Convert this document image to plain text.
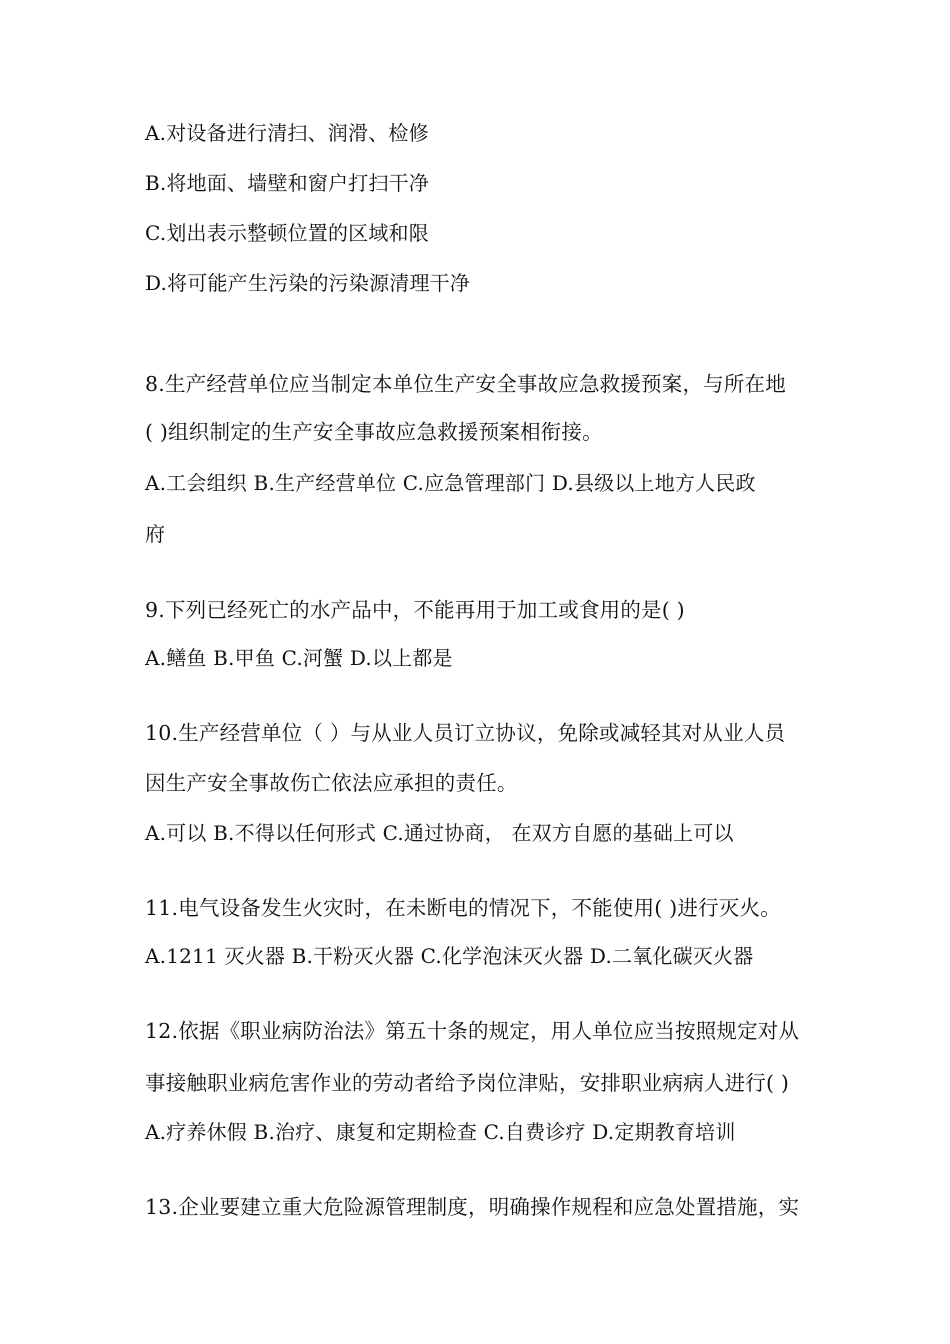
A.对设备进行清扫、润滑、检修
B.将地面、墙壁和窗户打扫干净
C.划出表示整顿位置的区域和限
D.将可能产生污染的污染源清理干净
8.生产经营单位应当制定本单位生产安全事故应急救援预案，与所在地
( )组织制定的生产安全事故应急救援预案相衔接。
A.工会组织 B.生产经营单位 C.应急管理部门 D.县级以上地方人民政
府
9.下列已经死亡的水产品中，不能再用于加工或食用的是( )
A.鳝鱼 B.甲鱼 C.河蟹 D.以上都是
10.生产经营单位（ ）与从业人员订立协议，免除或减轻其对从业人员
因生产安全事故伤亡依法应承担的责任。
A.可以 B.不得以任何形式 C.通过协商， 在双方自愿的基础上可以
11.电气设备发生火灾时，在未断电的情况下，不能使用( )进行灭火。
A.1211 灭火器 B.干粉灭火器 C.化学泡沫灭火器 D.二氧化碳灭火器
12.依据《职业病防治法》第五十条的规定，用人单位应当按照规定对从
事接触职业病危害作业的劳动者给予岗位津贴，安排职业病病人进行( )
A.疗养休假 B.治疗、康复和定期检查 C.自费诊疗 D.定期教育培训
13.企业要建立重大危险源管理制度，明确操作规程和应急处置措施，实
